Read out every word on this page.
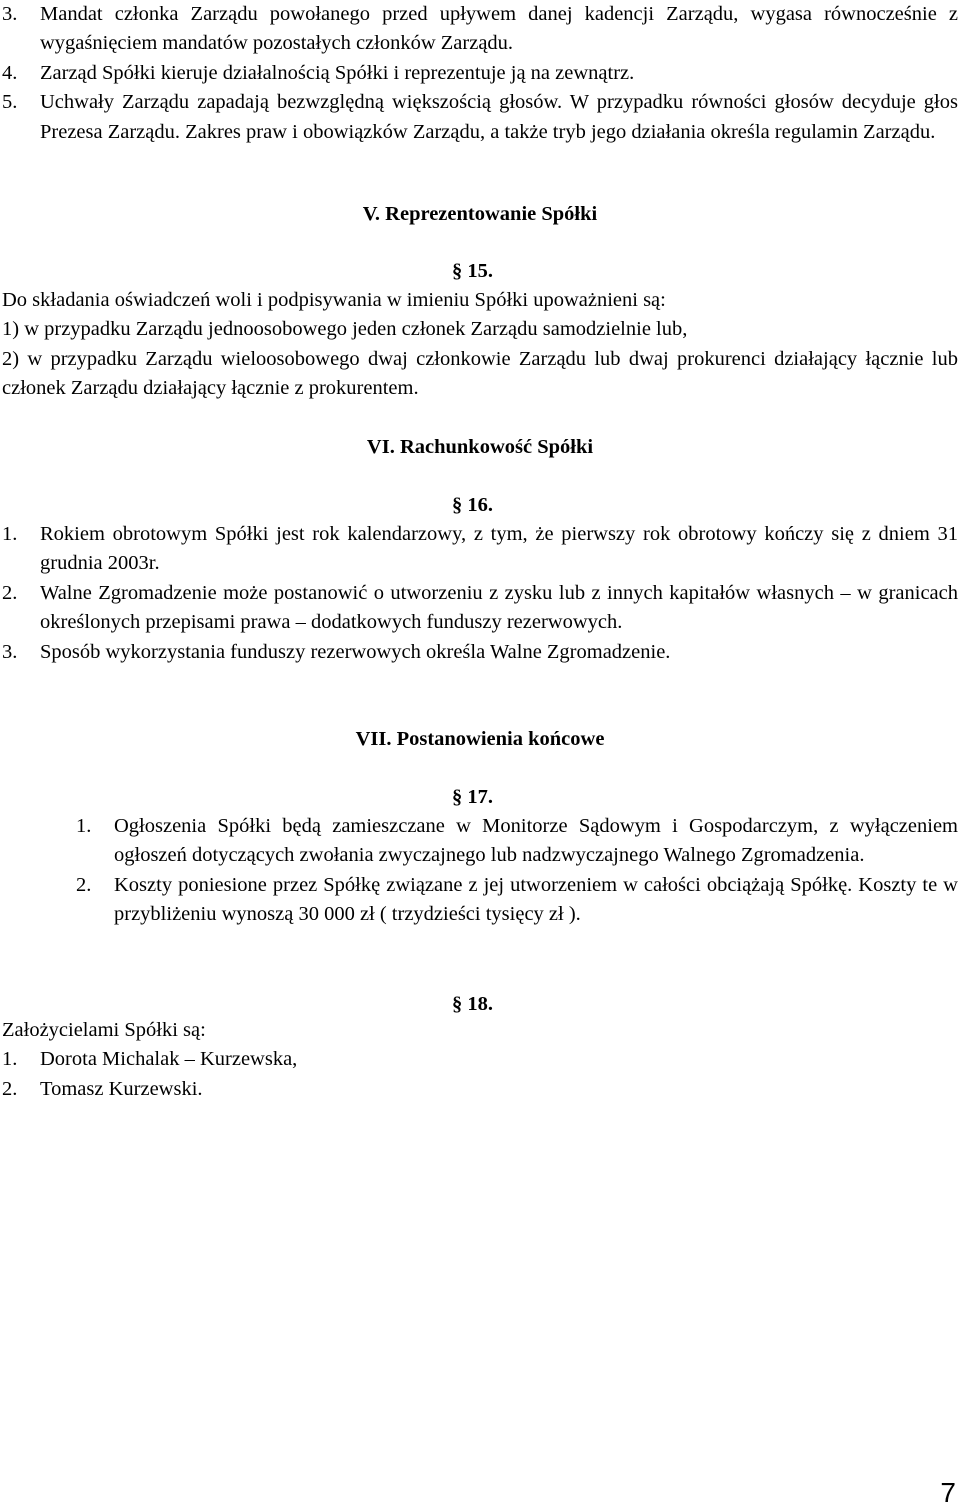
3.	Mandat członka Zarządu powołanego przed upływem danej kadencji Zarządu, wygasa równocześnie z wygaśnięciem mandatów pozostałych członków Zarządu.
4.	Zarząd Spółki kieruje działalnością Spółki i reprezentuje ją na zewnątrz.
5.	Uchwały Zarządu zapadają bezwzględną większością głosów. W przypadku równości głosów decyduje głos Prezesa Zarządu. Zakres praw i obowiązków Zarządu, a także tryb jego działania określa regulamin Zarządu.
V. Reprezentowanie Spółki
§ 15.
Do składania oświadczeń woli i podpisywania w imieniu Spółki upoważnieni są:
1) w przypadku Zarządu jednoosobowego jeden członek Zarządu samodzielnie lub,
2) w przypadku Zarządu wieloosobowego dwaj członkowie Zarządu lub dwaj prokurenci działający łącznie lub członek Zarządu działający łącznie z prokurentem.
VI. Rachunkowość Spółki
§ 16.
1.	Rokiem obrotowym Spółki jest rok kalendarzowy, z tym, że pierwszy rok obrotowy kończy się z dniem 31 grudnia 2003r.
2.	Walne Zgromadzenie może postanowić o utworzeniu z zysku lub z innych kapitałów własnych – w granicach określonych przepisami prawa – dodatkowych funduszy rezerwowych.
3.	Sposób wykorzystania funduszy rezerwowych określa Walne Zgromadzenie.
VII. Postanowienia końcowe
§ 17.
1.	Ogłoszenia Spółki będą zamieszczane w Monitorze Sądowym i Gospodarczym, z wyłączeniem ogłoszeń dotyczących zwołania zwyczajnego lub nadzwyczajnego Walnego Zgromadzenia.
2.	Koszty poniesione przez Spółkę związane z jej utworzeniem w całości obciążają Spółkę. Koszty te w przybliżeniu wynoszą 30 000 zł ( trzydzieści tysięcy zł ).
§ 18.
Założycielami Spółki są:
1.	Dorota Michalak – Kurzewska,
2.	Tomasz Kurzewski.
7
